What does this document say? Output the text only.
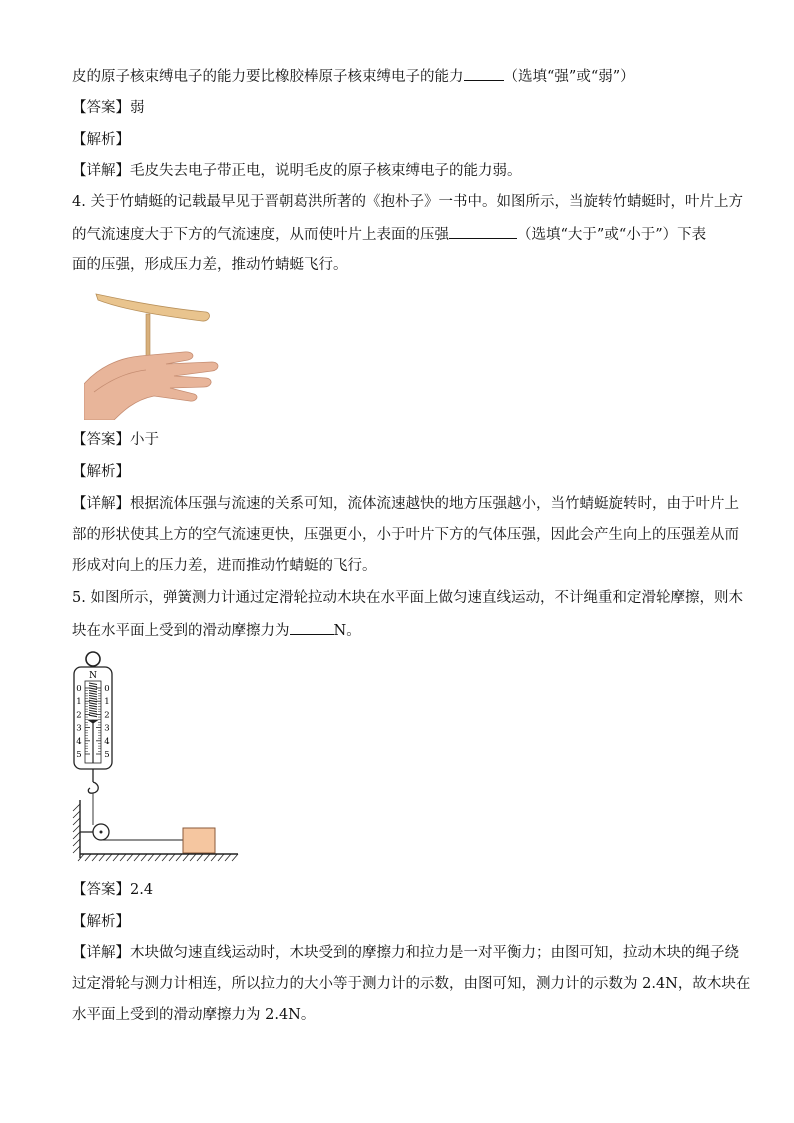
皮的原子核束缚电子的能力要比橡胶棒原子核束缚电子的能力	（选填“强”或“弱”）
【答案】弱
【解析】
【详解】毛皮失去电子带正电，说明毛皮的原子核束缚电子的能力弱。
4. 关于竹蜻蜓的记载最早见于晋朝葛洪所著的《抱朴子》一书中。如图所示，当旋转竹蜻蜓时，叶片上方
的气流速度大于下方的气流速度，从而使叶片上表面的压强	（选填“大于”或“小于”）下表
面的压强，形成压力差，推动竹蜻蜓飞行。
【答案】小于
【解析】
【详解】根据流体压强与流速的关系可知，流体流速越快的地方压强越小，当竹蜻蜓旋转时，由于叶片上
部的形状使其上方的空气流速更快，压强更小，小于叶片下方的气体压强，因此会产生向上的压强差从而
形成对向上的压力差，进而推动竹蜻蜓的飞行。
5. 如图所示，弹簧测力计通过定滑轮拉动木块在水平面上做匀速直线运动，不计绳重和定滑轮摩擦，则木
块在水平面上受到的滑动摩擦力为	N。
N
0	0
1	1
2	2
3	3
4	4
5	5
【答案】2.4
【解析】
【详解】木块做匀速直线运动时，木块受到的摩擦力和拉力是一对平衡力；由图可知，拉动木块的绳子绕
过定滑轮与测力计相连，所以拉力的大小等于测力计的示数，由图可知，测力计的示数为 2.4N，故木块在
水平面上受到的滑动摩擦力为 2.4N。
